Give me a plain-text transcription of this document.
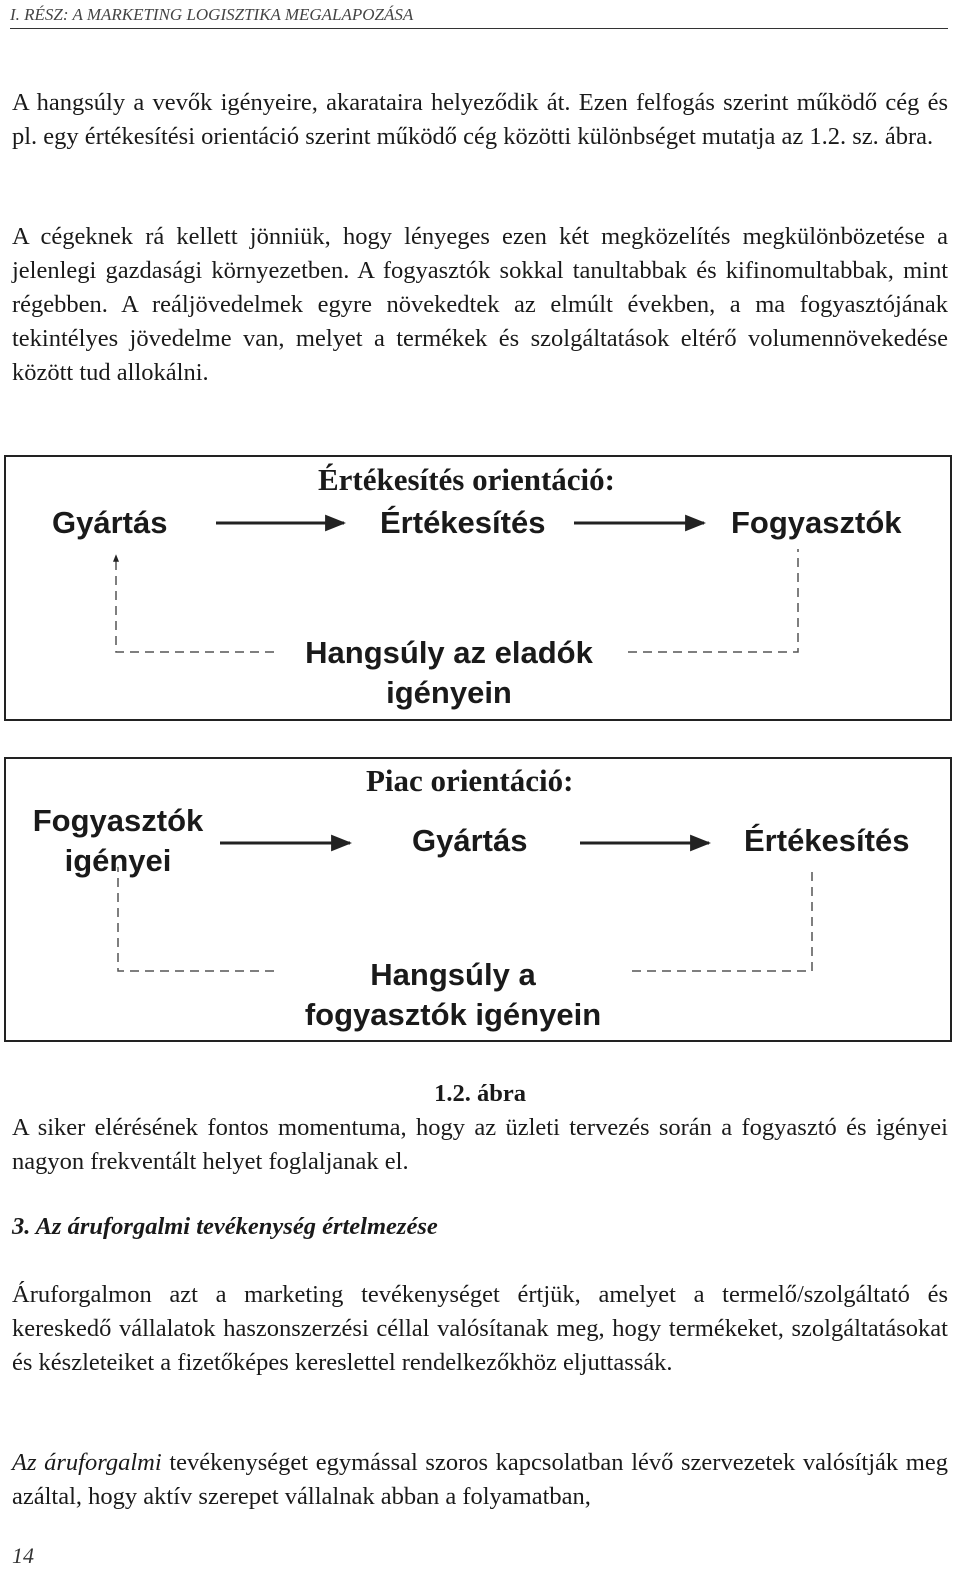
I. RÉSZ: A MARKETING LOGISZTIKA MEGALAPOZÁSA
A hangsúly a vevők igényeire, akarataira helyeződik át. Ezen felfogás szerint működő cég és pl. egy értékesítési orientáció szerint működő cég közötti különbséget mutatja az 1.2. sz. ábra.
A cégeknek rá kellett jönniük, hogy lényeges ezen két megközelítés megkülönbözetése a jelenlegi gazdasági környezetben. A fogyasztók sokkal tanultabbak és kifinomultabbak, mint régebben. A reáljövedelmek egyre növekedtek az elmúlt években, a ma fogyasztójának tekintélyes jövedelme van, melyet a termékek és szolgáltatások eltérő volumennövekedése között tud allokálni.
Értékesítés orientáció:
Gyártás	Értékesítés	Fogyasztók
Hangsúly az eladók
igényein
Piac orientáció:
Fogyasztók
igényei
Gyártás	Értékesítés
Hangsúly a
fogyasztók igényein
1.2. ábra
A siker elérésének fontos momentuma, hogy az üzleti tervezés során a fogyasztó és igényei nagyon frekventált helyet foglaljanak el.
3. Az áruforgalmi tevékenység értelmezése
Áruforgalmon azt a marketing tevékenységet értjük, amelyet a termelő/szolgáltató és kereskedő vállalatok haszonszerzési céllal valósítanak meg, hogy termékeket, szolgáltatásokat és készleteiket a fizetőképes kereslettel rendelkezőkhöz eljuttassák.
Az áruforgalmi tevékenységet egymással szoros kapcsolatban lévő szervezetek valósítják meg azáltal, hogy aktív szerepet vállalnak abban a folyamatban,
14
